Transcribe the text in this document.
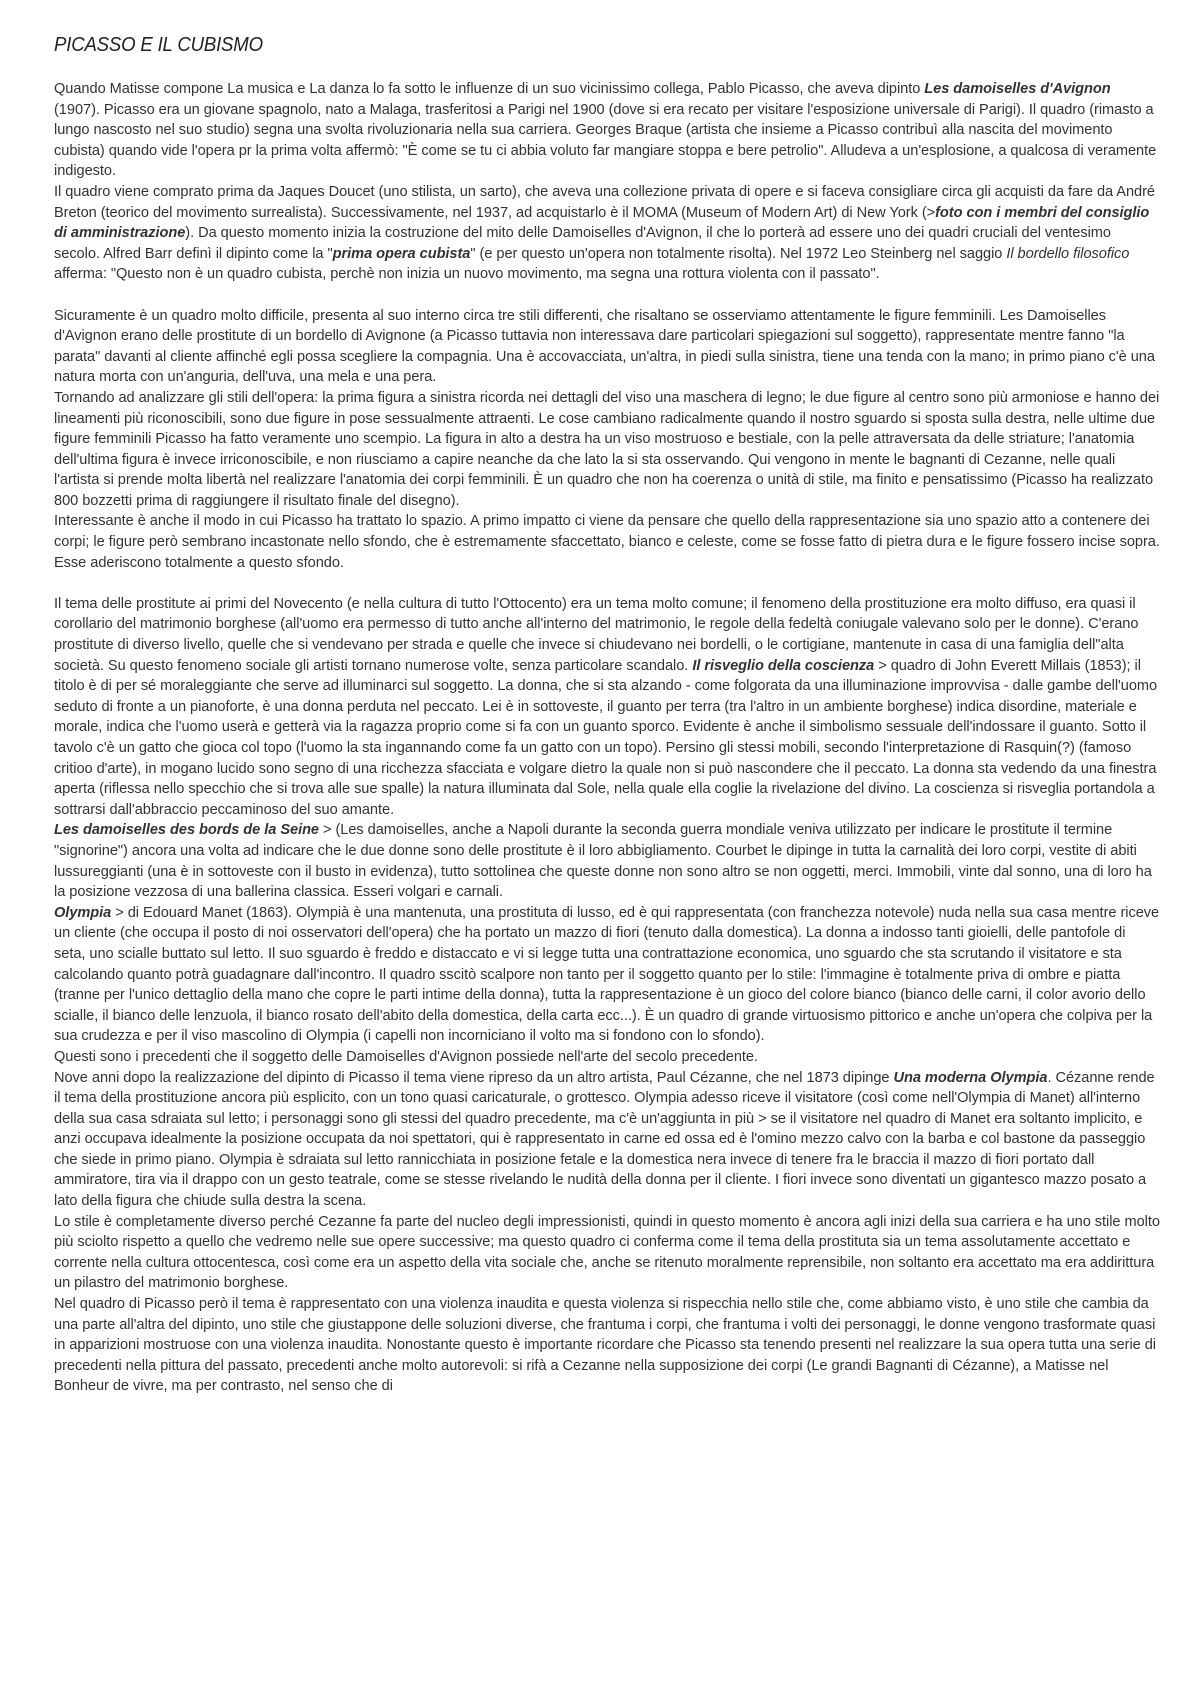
PICASSO E IL CUBISMO

Quando Matisse compone La musica e La danza lo fa sotto le influenze di un suo vicinissimo collega, Pablo Picasso, che aveva dipinto Les damoiselles d'Avignon (1907). Picasso era un giovane spagnolo, nato a Malaga, trasferitosi a Parigi nel 1900 (dove si era recato per visitare l'esposizione universale di Parigi). Il quadro (rimasto a lungo nascosto nel suo studio) segna una svolta rivoluzionaria nella sua carriera. Georges Braque (artista che insieme a Picasso contribuì alla nascita del movimento cubista) quando vide l'opera pr la prima volta affermò: "È come se tu ci abbia voluto far mangiare stoppa e bere petrolio". Alludeva a un'esplosione, a qualcosa di veramente indigesto.

Il quadro viene comprato prima da Jaques Doucet (uno stilista, un sarto), che aveva una collezione privata di opere e si faceva consigliare circa gli acquisti da fare da André Breton (teorico del movimento surrealista). Successivamente, nel 1937, ad acquistarlo è il MOMA (Museum of Modern Art) di New York (>foto con i membri del consiglio di amministrazione). Da questo momento inizia la costruzione del mito delle Damoiselles d'Avignon, il che lo porterà ad essere uno dei quadri cruciali del ventesimo secolo. Alfred Barr definì il dipinto come la "prima opera cubista" (e per questo un'opera non totalmente risolta). Nel 1972 Leo Steinberg nel saggio Il bordello filosofico afferma: "Questo non è un quadro cubista, perchè non inizia un nuovo movimento, ma segna una rottura violenta con il passato".

Sicuramente è un quadro molto difficile, presenta al suo interno circa tre stili differenti, che risaltano se osserviamo attentamente le figure femminili. Les Damoiselles d'Avignon erano delle prostitute di un bordello di Avignone (a Picasso tuttavia non interessava dare particolari spiegazioni sul soggetto), rappresentate mentre fanno "la parata" davanti al cliente affinché egli possa scegliere la compagnia. Una è accovacciata, un'altra, in piedi sulla sinistra, tiene una tenda con la mano; in primo piano c'è una natura morta con un'anguria, dell'uva, una mela e una pera.

Tornando ad analizzare gli stili dell'opera: la prima figura a sinistra ricorda nei dettagli del viso una maschera di legno; le due figure al centro sono più armoniose e hanno dei lineamenti più riconoscibili, sono due figure in pose sessualmente attraenti. Le cose cambiano radicalmente quando il nostro sguardo si sposta sulla destra, nelle ultime due figure femminili Picasso ha fatto veramente uno scempio. La figura in alto a destra ha un viso mostruoso e bestiale, con la pelle attraversata da delle striature; l'anatomia dell'ultima figura è invece irriconoscibile, e non riusciamo a capire neanche da che lato la si sta osservando. Qui vengono in mente le bagnanti di Cezanne, nelle quali l'artista si prende molta libertà nel realizzare l'anatomia dei corpi femminili. È un quadro che non ha coerenza o unità di stile, ma finito e pensatissimo (Picasso ha realizzato 800 bozzetti prima di raggiungere il risultato finale del disegno).

Interessante è anche il modo in cui Picasso ha trattato lo spazio. A primo impatto ci viene da pensare che quello della rappresentazione sia uno spazio atto a contenere dei corpi; le figure però sembrano incastonate nello sfondo, che è estremamente sfaccettato, bianco e celeste, come se fosse fatto di pietra dura e le figure fossero incise sopra. Esse aderiscono totalmente a questo sfondo.

Il tema delle prostitute ai primi del Novecento (e nella cultura di tutto l'Ottocento) era un tema molto comune; il fenomeno della prostituzione era molto diffuso, era quasi il corollario del matrimonio borghese (all'uomo era permesso di tutto anche all'interno del matrimonio, le regole della fedeltà coniugale valevano solo per le donne). C'erano prostitute di diverso livello, quelle che si vendevano per strada e quelle che invece si chiudevano nei bordelli, o le cortigiane, mantenute in casa di una famiglia dell"alta società. Su questo fenomeno sociale gli artisti tornano numerose volte, senza particolare scandalo. Il risveglio della coscienza > quadro di John Everett Millais (1853); il titolo è di per sé moraleggiante che serve ad illuminarci sul soggetto. La donna, che si sta alzando - come folgorata da una illuminazione improvvisa - dalle gambe dell'uomo seduto di fronte a un pianoforte, è una donna perduta nel peccato. Lei è in sottoveste, il guanto per terra (tra l'altro in un ambiente borghese) indica disordine, materiale e morale, indica che l'uomo userà e getterà via la ragazza proprio come si fa con un guanto sporco. Evidente è anche il simbolismo sessuale dell'indossare il guanto. Sotto il tavolo c'è un gatto che gioca col topo (l'uomo la sta ingannando come fa un gatto con un topo). Persino gli stessi mobili, secondo l'interpretazione di Rasquin(?) (famoso critioo d'arte), in mogano lucido sono segno di una ricchezza sfacciata e volgare dietro la quale non si può nascondere che il peccato. La donna sta vedendo da una finestra aperta (riflessa nello specchio che si trova alle sue spalle) la natura illuminata dal Sole, nella quale ella coglie la rivelazione del divino. La coscienza si risveglia portandola a sottrarsi dall'abbraccio peccaminoso del suo amante.

Les damoiselles des bords de la Seine > (Les damoiselles, anche a Napoli durante la seconda guerra mondiale veniva utilizzato per indicare le prostitute il termine "signorine") ancora una volta ad indicare che le due donne sono delle prostitute è il loro abbigliamento. Courbet le dipinge in tutta la carnalità dei loro corpi, vestite di abiti lussureggianti (una è in sottoveste con il busto in evidenza), tutto sottolinea che queste donne non sono altro se non oggetti, merci. Immobili, vinte dal sonno, una di loro ha la posizione vezzosa di una ballerina classica. Esseri volgari e carnali.

Olympia > di Edouard Manet (1863). Olympià è una mantenuta, una prostituta di lusso, ed è qui rappresentata (con franchezza notevole) nuda nella sua casa mentre riceve un cliente (che occupa il posto di noi osservatori dell'opera) che ha portato un mazzo di fiori (tenuto dalla domestica). La donna a indosso tanti gioielli, delle pantofole di seta, uno scialle buttato sul letto. Il suo sguardo è freddo e distaccato e vi si legge tutta una contrattazione economica, uno sguardo che sta scrutando il visitatore e sta calcolando quanto potrà guadagnare dall'incontro. Il quadro sscitò scalpore non tanto per il soggetto quanto per lo stile: l'immagine è totalmente priva di ombre e piatta (tranne per l'unico dettaglio della mano che copre le parti intime della donna), tutta la rappresentazione è un gioco del colore bianco (bianco delle carni, il color avorio dello scialle, il bianco delle lenzuola, il bianco rosato dell'abito della domestica, della carta ecc...). È un quadro di grande virtuosismo pittorico e anche un'opera che colpiva per la sua crudezza e per il viso mascolino di Olympia (i capelli non incorniciano il volto ma si fondono con lo sfondo).

Questi sono i precedenti che il soggetto delle Damoiselles d'Avignon possiede nell'arte del secolo precedente.

Nove anni dopo la realizzazione del dipinto di Picasso il tema viene ripreso da un altro artista, Paul Cézanne, che nel 1873 dipinge Una moderna Olympia. Cézanne rende il tema della prostituzione ancora più esplicito, con un tono quasi caricaturale, o grottesco. Olympia adesso riceve il visitatore (così come nell'Olympia di Manet) all'interno della sua casa sdraiata sul letto; i personaggi sono gli stessi del quadro precedente, ma c'è un'aggiunta in più > se il visitatore nel quadro di Manet era soltanto implicito, e anzi occupava idealmente la posizione occupata da noi spettatori, qui è rappresentato in carne ed ossa ed è l'omino mezzo calvo con la barba e col bastone da passeggio che siede in primo piano. Olympia è sdraiata sul letto rannicchiata in posizione fetale e la domestica nera invece di tenere fra le braccia il mazzo di fiori portato dall ammiratore, tira via il drappo con un gesto teatrale, come se stesse rivelando le nudità della donna per il cliente. I fiori invece sono diventati un gigantesco mazzo posato a lato della figura che chiude sulla destra la scena.

Lo stile è completamente diverso perché Cezanne fa parte del nucleo degli impressionisti, quindi in questo momento è ancora agli inizi della sua carriera e ha uno stile molto più sciolto rispetto a quello che vedremo nelle sue opere successive; ma questo quadro ci conferma come il tema della prostituta sia un tema assolutamente accettato e corrente nella cultura ottocentesca, così come era un aspetto della vita sociale che, anche se ritenuto moralmente reprensibile, non soltanto era accettato ma era addirittura un pilastro del matrimonio borghese.

Nel quadro di Picasso però il tema è rappresentato con una violenza inaudita e questa violenza si rispecchia nello stile che, come abbiamo visto, è uno stile che cambia da una parte all'altra del dipinto, uno stile che giustappone delle soluzioni diverse, che frantuma i corpi, che frantuma i volti dei personaggi, le donne vengono trasformate quasi in apparizioni mostruose con una violenza inaudita. Nonostante questo è importante ricordare che Picasso sta tenendo presenti nel realizzare la sua opera tutta una serie di precedenti nella pittura del passato, precedenti anche molto autorevoli: si rifà a Cezanne nella supposizione dei corpi (Le grandi Bagnanti di Cézanne), a Matisse nel Bonheur de vivre, ma per contrasto, nel senso che di
